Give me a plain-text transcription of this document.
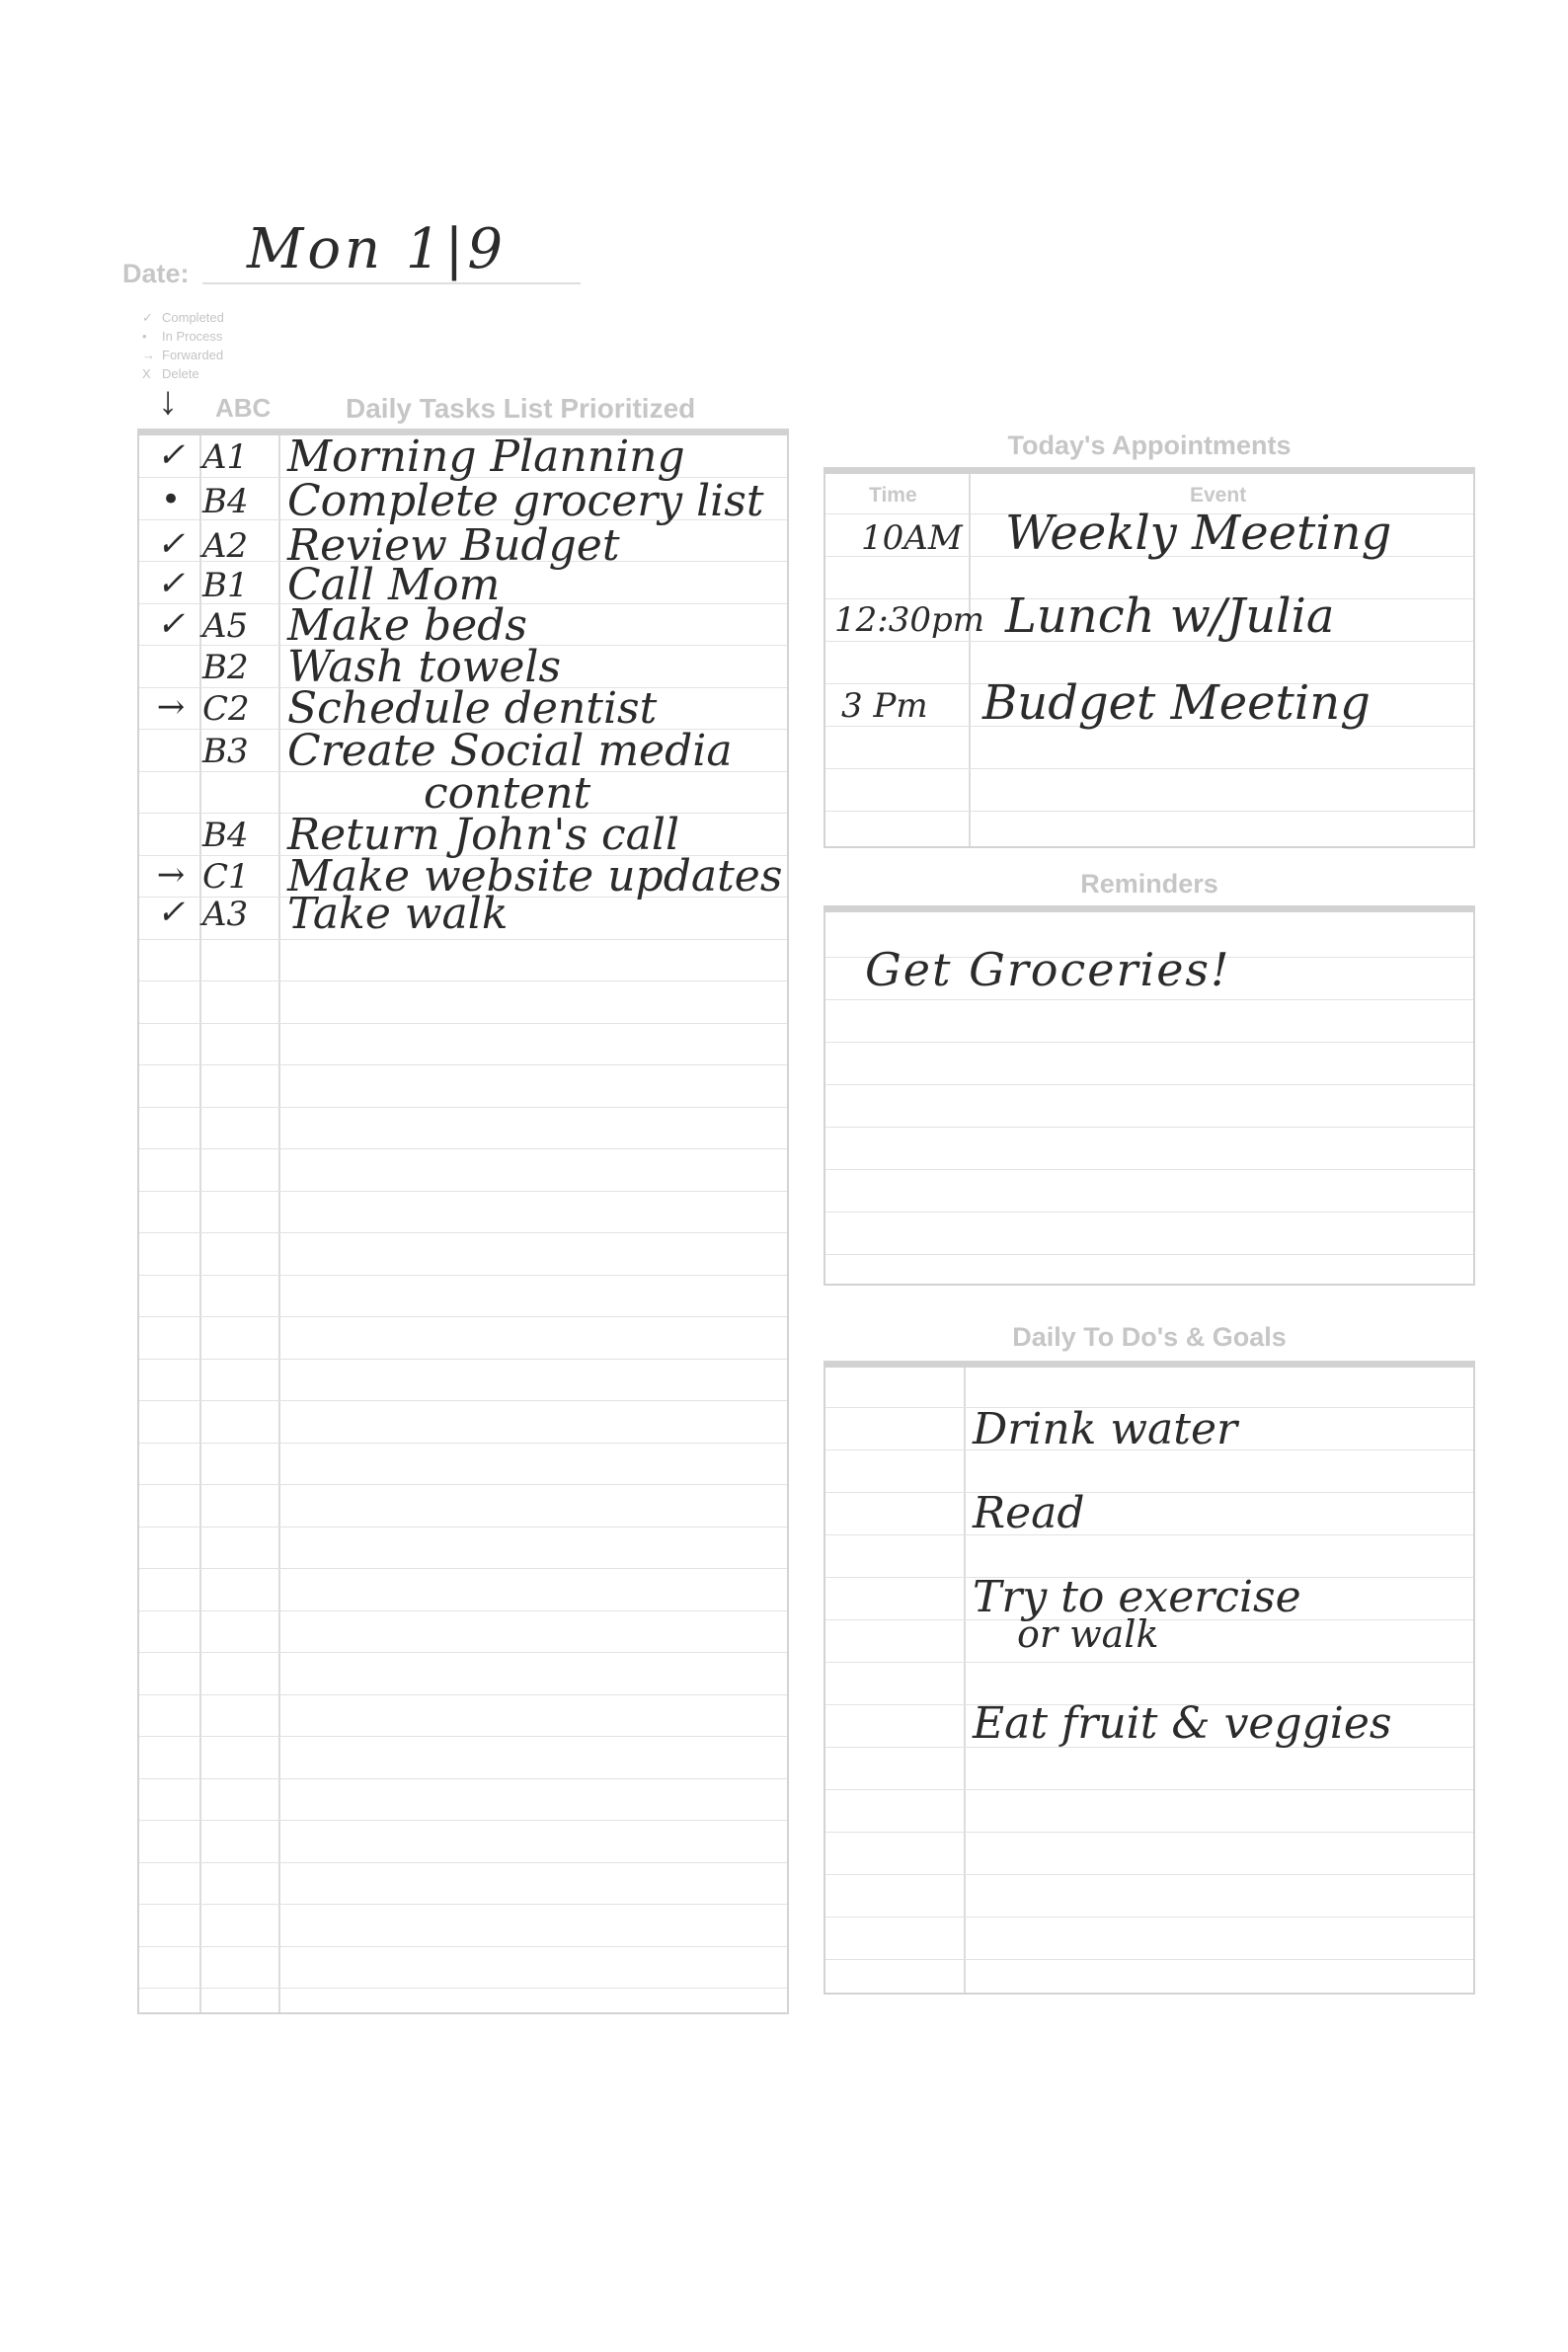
Date: Mon 1|9
✓ Completed
• In Process
→ Forwarded
X Delete
↓ ABC	Daily Tasks List Prioritized
✓ A1 Morning Planning
• B4 Complete grocery list
✓ A2 Review Budget
✓ B1 Call Mom
✓ A5 Make beds
B2 Wash towels
→ C2 Schedule dentist
B3 Create Social media
content
B4 Return John's call
→ C1 Make website updates
✓ A3 Take walk
Today's Appointments
Time	Event
10AM Weekly Meeting
12:30pm Lunch w/Julia
3 Pm Budget Meeting
Reminders
Get Groceries!
Daily To Do's & Goals
Drink water
Read
Try to exercise
or walk
Eat fruit & veggies
